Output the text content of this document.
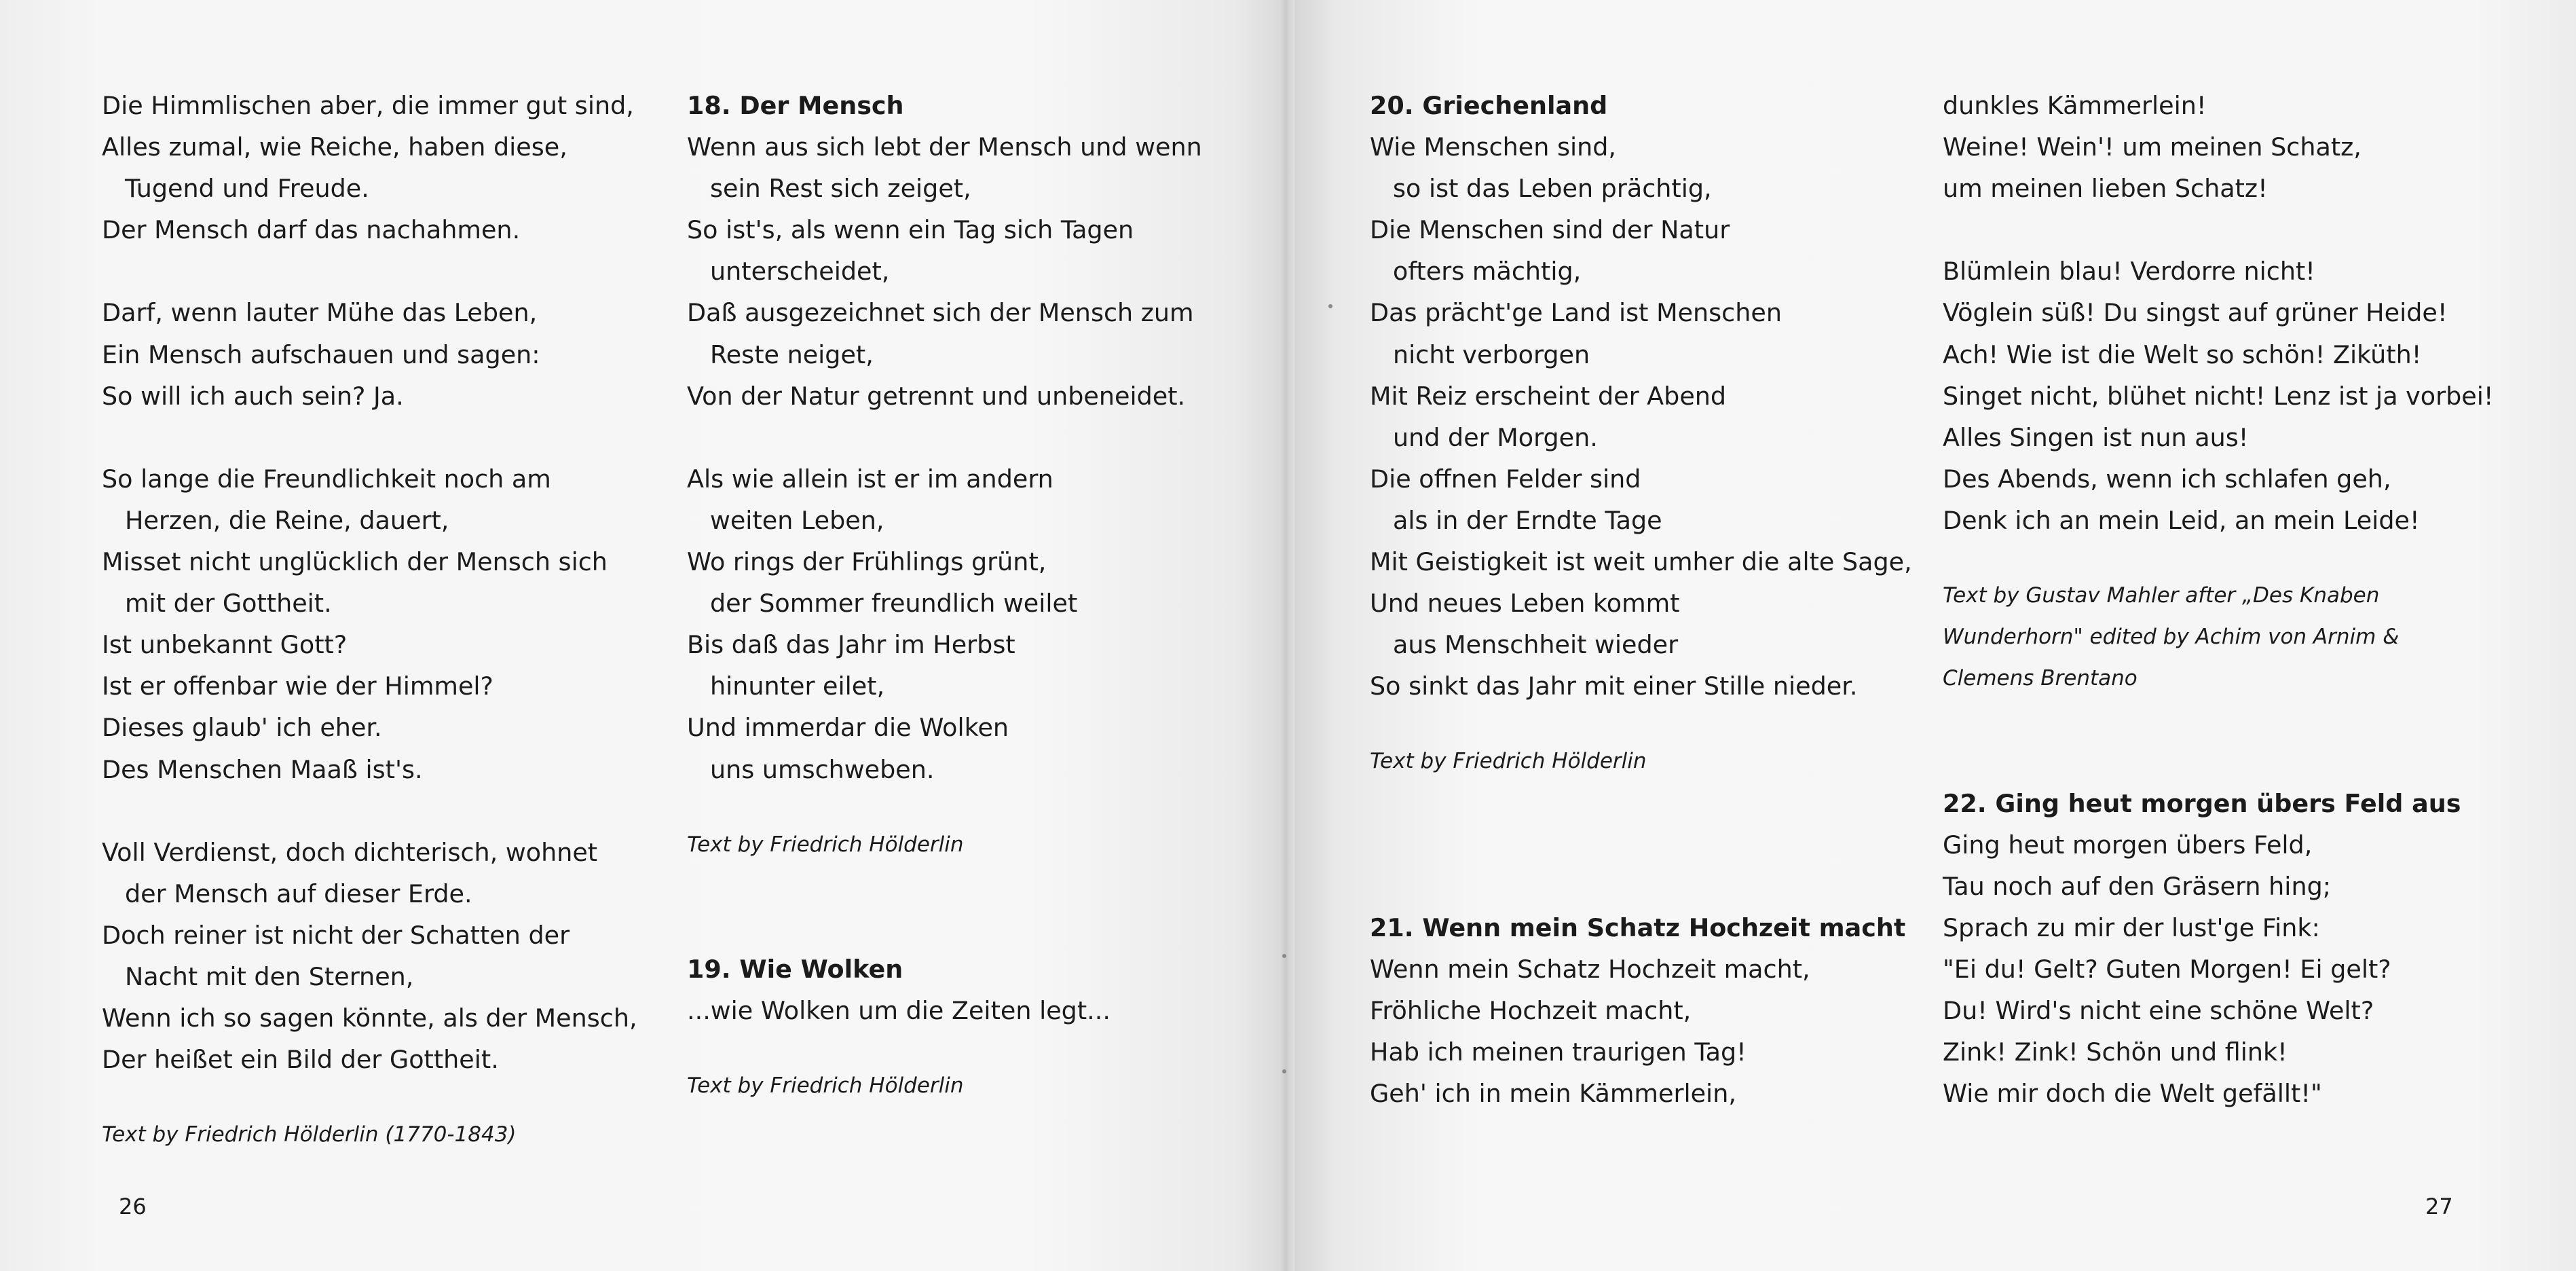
Die Himmlischen aber, die immer gut sind,
Alles zumal, wie Reiche, haben diese,
Tugend und Freude.
Der Mensch darf das nachahmen.
Darf, wenn lauter Mühe das Leben,
Ein Mensch aufschauen und sagen:
So will ich auch sein? Ja.
So lange die Freundlichkeit noch am
Herzen, die Reine, dauert,
Misset nicht unglücklich der Mensch sich
mit der Gottheit.
Ist unbekannt Gott?
Ist er offenbar wie der Himmel?
Dieses glaub' ich eher.
Des Menschen Maaß ist's.
Voll Verdienst, doch dichterisch, wohnet
der Mensch auf dieser Erde.
Doch reiner ist nicht der Schatten der
Nacht mit den Sternen,
Wenn ich so sagen könnte, als der Mensch,
Der heißet ein Bild der Gottheit.
Text by Friedrich Hölderlin (1770-1843)
18. Der Mensch
Wenn aus sich lebt der Mensch und wenn
sein Rest sich zeiget,
So ist's, als wenn ein Tag sich Tagen
unterscheidet,
Daß ausgezeichnet sich der Mensch zum
Reste neiget,
Von der Natur getrennt und unbeneidet.
Als wie allein ist er im andern
weiten Leben,
Wo rings der Frühlings grünt,
der Sommer freundlich weilet
Bis daß das Jahr im Herbst
hinunter eilet,
Und immerdar die Wolken
uns umschweben.
Text by Friedrich Hölderlin
19. Wie Wolken
...wie Wolken um die Zeiten legt...
Text by Friedrich Hölderlin
20. Griechenland
Wie Menschen sind,
so ist das Leben prächtig,
Die Menschen sind der Natur
ofters mächtig,
Das prächt'ge Land ist Menschen
nicht verborgen
Mit Reiz erscheint der Abend
und der Morgen.
Die offnen Felder sind
als in der Erndte Tage
Mit Geistigkeit ist weit umher die alte Sage,
Und neues Leben kommt
aus Menschheit wieder
So sinkt das Jahr mit einer Stille nieder.
Text by Friedrich Hölderlin
21. Wenn mein Schatz Hochzeit macht
Wenn mein Schatz Hochzeit macht,
Fröhliche Hochzeit macht,
Hab ich meinen traurigen Tag!
Geh' ich in mein Kämmerlein,
dunkles Kämmerlein!
Weine! Wein'! um meinen Schatz,
um meinen lieben Schatz!
Blümlein blau! Verdorre nicht!
Vöglein süß! Du singst auf grüner Heide!
Ach! Wie ist die Welt so schön! Ziküth!
Singet nicht, blühet nicht! Lenz ist ja vorbei!
Alles Singen ist nun aus!
Des Abends, wenn ich schlafen geh,
Denk ich an mein Leid, an mein Leide!
Text by Gustav Mahler after „Des Knaben
Wunderhorn" edited by Achim von Arnim &
Clemens Brentano
22. Ging heut morgen übers Feld aus
Ging heut morgen übers Feld,
Tau noch auf den Gräsern hing;
Sprach zu mir der lust'ge Fink:
"Ei du! Gelt? Guten Morgen! Ei gelt?
Du! Wird's nicht eine schöne Welt?
Zink! Zink! Schön und flink!
Wie mir doch die Welt gefällt!"
26	27
